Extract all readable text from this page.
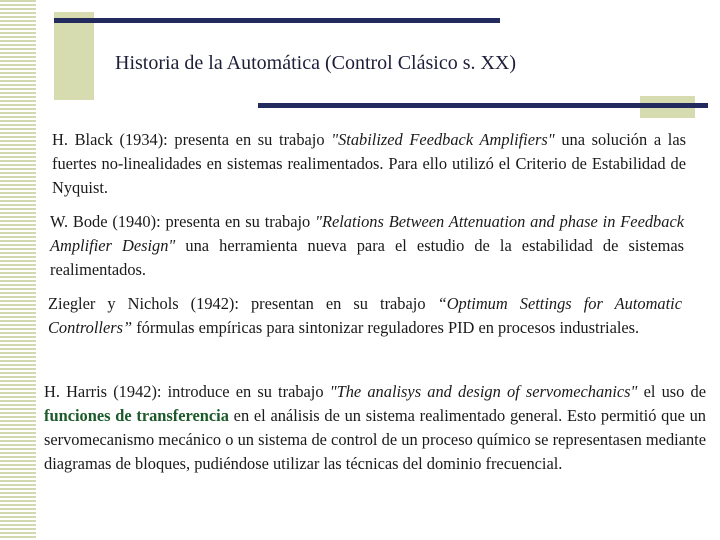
Historia de la Automática (Control Clásico s. XX)
H. Black (1934): presenta en su trabajo "Stabilized Feedback Amplifiers" una solución a las fuertes no-linealidades en sistemas realimentados. Para ello utilizó el Criterio de Estabilidad de Nyquist.
W. Bode (1940): presenta en su trabajo "Relations Between Attenuation and phase in Feedback Amplifier Design" una herramienta nueva para el estudio de la estabilidad de sistemas realimentados.
Ziegler y Nichols (1942): presentan en su trabajo “Optimum Settings for Automatic Controllers” fórmulas empíricas para sintonizar reguladores PID en procesos industriales.
H. Harris (1942): introduce en su trabajo "The analisys and design of servomechanics" el uso de funciones de transferencia en el análisis de un sistema realimentado general. Esto permitió que un servomecanismo mecánico o un sistema de control de un proceso químico se representasen mediante diagramas de bloques, pudiéndose utilizar las técnicas del dominio frecuencial.
